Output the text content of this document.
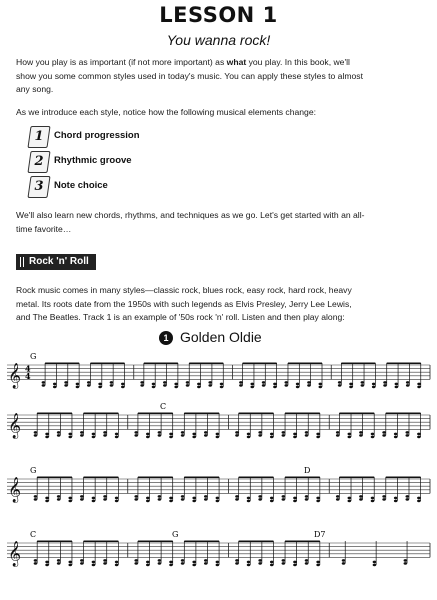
LESSON 1
You wanna rock!
How you play is as important (if not more important) as what you play. In this book, we'll
show you some common styles used in today's music. You can apply these styles to almost
any song.
As we introduce each style, notice how the following musical elements change:
1	Chord progression
2	Rhythmic groove
3	Note choice
We'll also learn new chords, rhythms, and techniques as we go. Let's get started with an all-
time favorite…
Rock 'n' Roll
Rock music comes in many styles—classic rock, blues rock, easy rock, hard rock, heavy
metal. Its roots date from the 1950s with such legends as Elvis Presley, Jerry Lee Lewis,
and The Beatles. Track 1 is an example of '50s rock 'n' roll. Listen and then play along:
1 Golden Oldie
𝄞 4
4
G
𝄞
C
𝄞
G	D
𝄞
C	G	D7
